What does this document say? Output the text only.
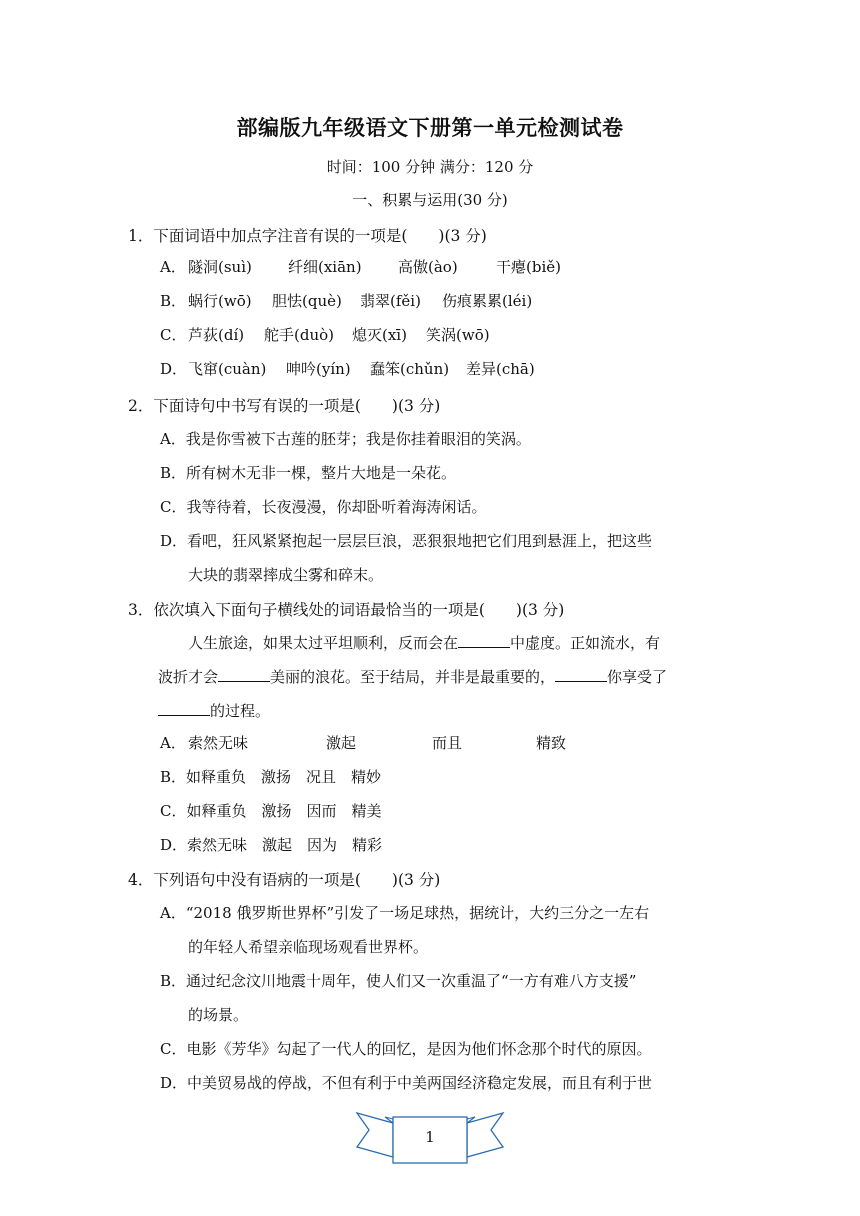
部编版九年级语文下册第一单元检测试卷
时间：100 分钟 满分：120 分
一、积累与运用(30 分)
1．下面词语中加点字注音有误的一项是(　　)(3 分)
A． 隧洞(suì) 纤细(xiān) 高傲(ào)	干瘪(biě)
B． 蜗行(wō) 胆怯(què) 翡翠(fěi) 伤痕累累(léi)
C． 芦荻(dí) 舵手(duò) 熄灭(xī) 笑涡(wō)
D． 飞窜(cuàn) 呻吟(yín) 蠢笨(chǔn) 差异(chā)
2．下面诗句中书写有误的一项是(　　)(3 分)
A．我是你雪被下古莲的胚芽；我是你挂着眼泪的笑涡。
B．所有树木无非一棵，整片大地是一朵花。
C．我等待着，长夜漫漫，你却卧听着海涛闲话。
D．看吧，狂风紧紧抱起一层层巨浪，恶狠狠地把它们甩到悬涯上，把这些
大块的翡翠摔成尘雾和碎末。
3．依次填入下面句子横线处的词语最恰当的一项是(　　)(3 分)
人生旅途，如果太过平坦顺利，反而会在	中虚度。正如流水，有
波折才会	美丽的浪花。至于结局，并非是最重要的，	你享受了
的过程。
A． 索然无味	激起	而且	精致
B．如释重负　激扬　况且　精妙
C．如释重负　激扬　因而　精美
D．索然无味　激起　因为　精彩
4．下列语句中没有语病的一项是(　　)(3 分)
A．“2018 俄罗斯世界杯”引发了一场足球热，据统计，大约三分之一左右
的年轻人希望亲临现场观看世界杯。
B．通过纪念汶川地震十周年，使人们又一次重温了“一方有难八方支援”
的场景。
C．电影《芳华》勾起了一代人的回忆，是因为他们怀念那个时代的原因。
D．中美贸易战的停战，不但有利于中美两国经济稳定发展，而且有利于世
1
